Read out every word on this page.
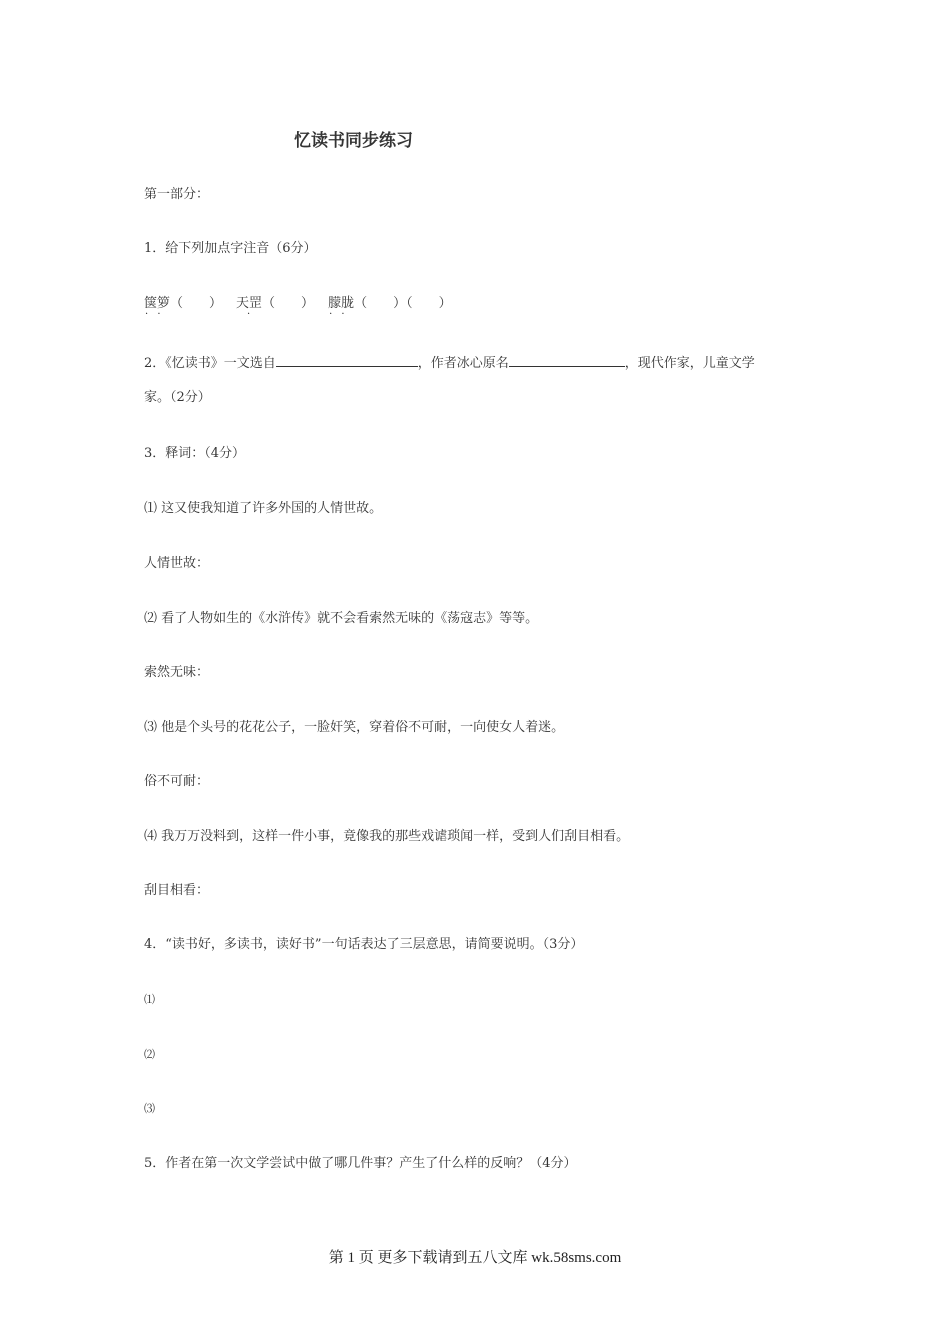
忆读书同步练习
第一部分：
1．给下列加点字注音（6分）
箧箩 · ·（　　） 天罡（　　） 朦胧 · ·（　　）（　　）
2．《忆读书》一文选自	，作者冰心原名	，现代作家，儿童文学
家。（2分）
3．释词：（4分）
⑴ 这又使我知道了许多外国的人情世故。
人情世故：
⑵ 看了人物如生的《水浒传》就不会看索然无味的《荡寇志》等等。
索然无味：
⑶ 他是个头号的花花公子，一脸奸笑，穿着俗不可耐，一向使女人着迷。
俗不可耐：
⑷ 我万万没料到，这样一件小事，竟像我的那些戏谑琐闻一样，受到人们刮目相看。
刮目相看：
4．“读书好，多读书，读好书”一句话表达了三层意思，请简要说明。（3分）
⑴
⑵
⑶
5．作者在第一次文学尝试中做了哪几件事？产生了什么样的反响？（4分）
第 1 页 更多下载请到五八文库 wk.58sms.com
